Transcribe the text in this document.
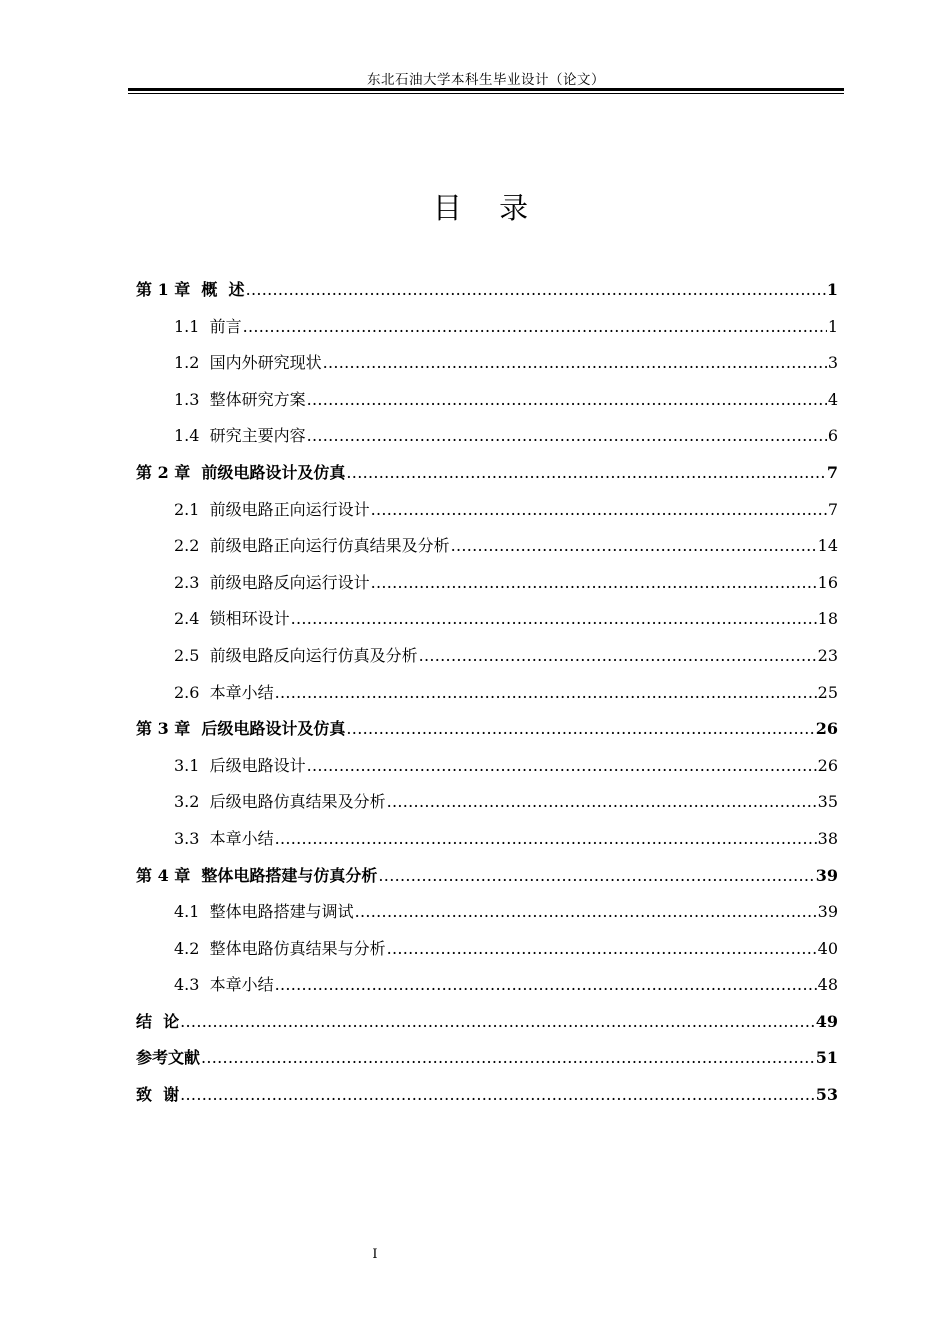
东北石油大学本科生毕业设计（论文）
目 录
第 1 章  概  述 .....	1
1.1  前言 .....	1
1.2  国内外研究现状 .....	3
1.3  整体研究方案 .....	4
1.4  研究主要内容 .....	6
第 2 章  前级电路设计及仿真 .....	7
2.1  前级电路正向运行设计 .....	7
2.2  前级电路正向运行仿真结果及分析 .....	14
2.3  前级电路反向运行设计 .....	16
2.4  锁相环设计 .....	18
2.5  前级电路反向运行仿真及分析 .....	23
2.6  本章小结 .....	25
第 3 章  后级电路设计及仿真 .....	26
3.1  后级电路设计 .....	26
3.2  后级电路仿真结果及分析 .....	35
3.3  本章小结 .....	38
第 4 章  整体电路搭建与仿真分析 .....	39
4.1  整体电路搭建与调试 .....	39
4.2  整体电路仿真结果与分析 .....	40
4.3  本章小结 .....	48
结  论 .....	49
参考文献 .....	51
致  谢 .....	53
I
